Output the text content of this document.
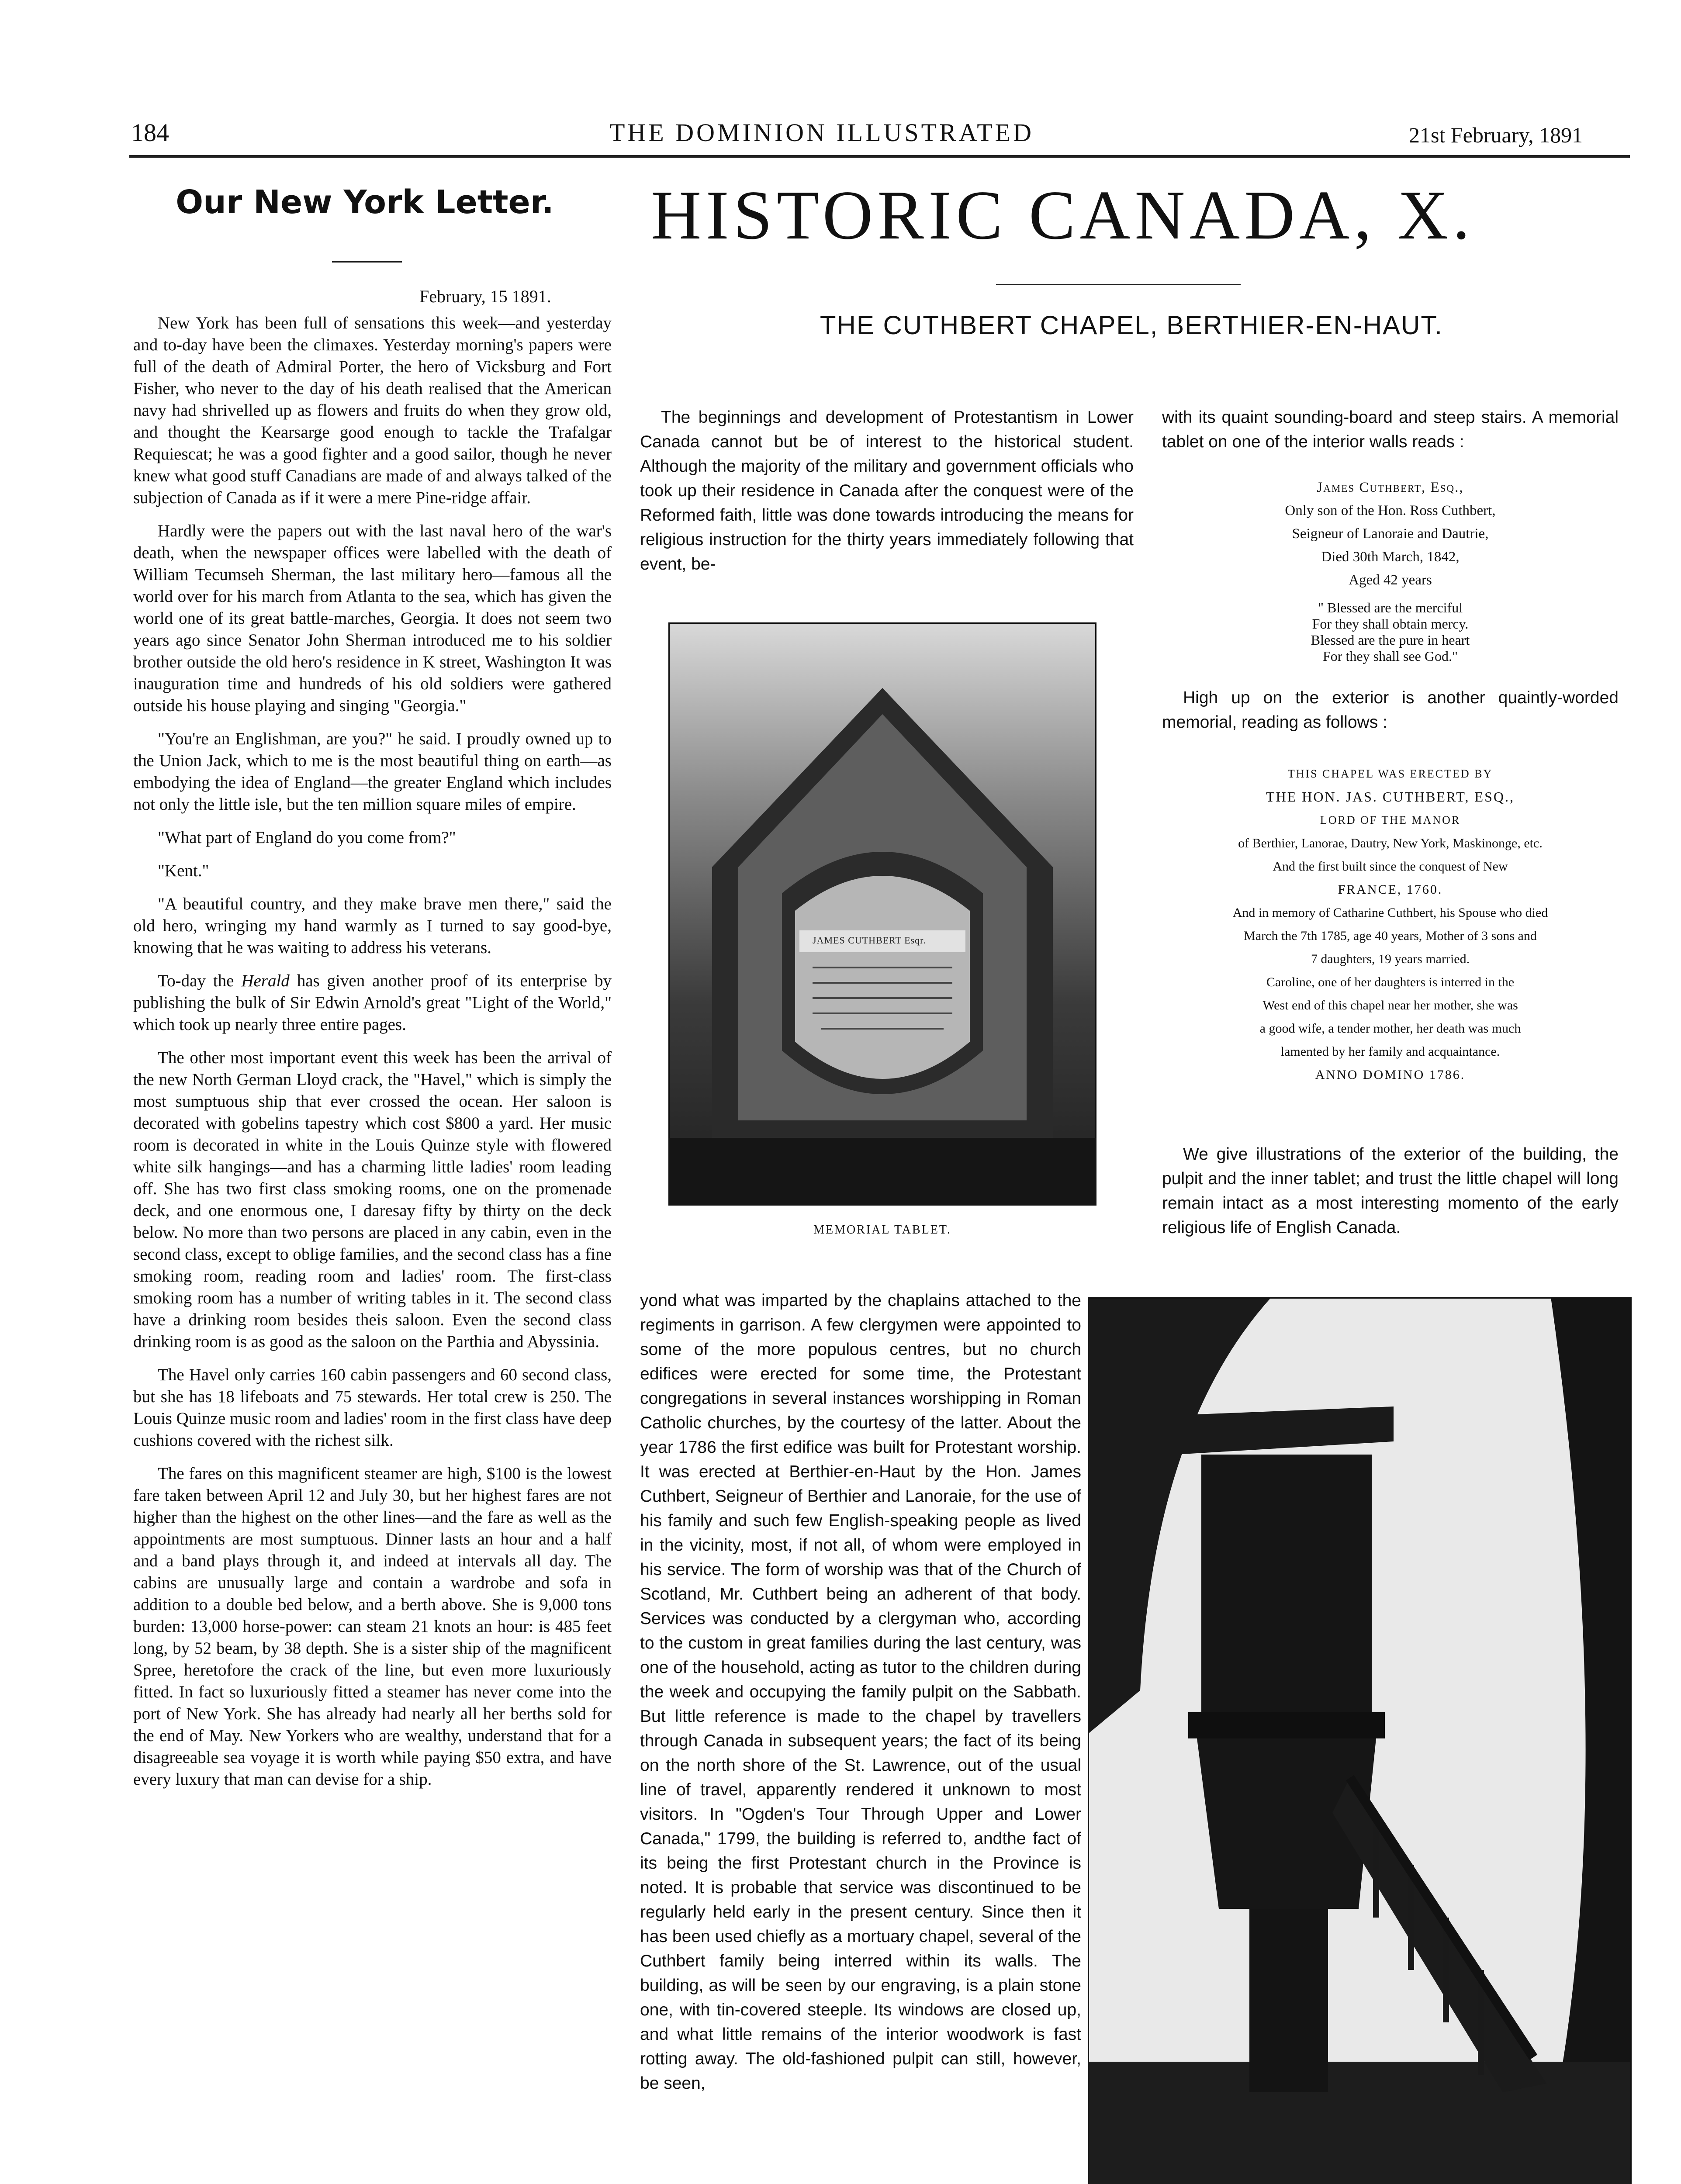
184	THE DOMINION ILLUSTRATED	21st February, 1891
Our New York Letter.
February, 15 1891.

New York has been full of sensations this week—and yesterday and to-day have been the climaxes. Yesterday morning's papers were full of the death of Admiral Porter, the hero of Vicksburg and Fort Fisher, who never to the day of his death realised that the American navy had shrivelled up as flowers and fruits do when they grow old, and thought the Kearsarge good enough to tackle the Trafalgar Requiescat; he was a good fighter and a good sailor, though he never knew what good stuff Canadians are made of and always talked of the subjection of Canada as if it were a mere Pine-ridge affair.

Hardly were the papers out with the last naval hero of the war's death, when the newspaper offices were labelled with the death of William Tecumseh Sherman, the last military hero—famous all the world over for his march from Atlanta to the sea, which has given the world one of its great battle-marches, Georgia. It does not seem two years ago since Senator John Sherman introduced me to his soldier brother outside the old hero's residence in K street, Washington It was inauguration time and hundreds of his old soldiers were gathered outside his house playing and singing "Georgia."

"You're an Englishman, are you?" he said. I proudly owned up to the Union Jack, which to me is the most beautiful thing on earth—as embodying the idea of England—the greater England which includes not only the little isle, but the ten million square miles of empire.

"What part of England do you come from?"

"Kent."

"A beautiful country, and they make brave men there," said the old hero, wringing my hand warmly as I turned to say good-bye, knowing that he was waiting to address his veterans.

To-day the Herald has given another proof of its enterprise by publishing the bulk of Sir Edwin Arnold's great "Light of the World," which took up nearly three entire pages.

The other most important event this week has been the arrival of the new North German Lloyd crack, the "Havel," which is simply the most sumptuous ship that ever crossed the ocean. Her saloon is decorated with gobelins tapestry which cost $800 a yard. Her music room is decorated in white in the Louis Quinze style with flowered white silk hangings—and has a charming little ladies' room leading off. She has two first class smoking rooms, one on the promenade deck, and one enormous one, I daresay fifty by thirty on the deck below. No more than two persons are placed in any cabin, even in the second class, except to oblige families, and the second class has a fine smoking room, reading room and ladies' room. The first-class smoking room has a number of writing tables in it. The second class have a drinking room besides theis saloon. Even the second class drinking room is as good as the saloon on the Parthia and Abyssinia.

The Havel only carries 160 cabin passengers and 60 second class, but she has 18 lifeboats and 75 stewards. Her total crew is 250. The Louis Quinze music room and ladies' room in the first class have deep cushions covered with the richest silk.

The fares on this magnificent steamer are high, $100 is the lowest fare taken between April 12 and July 30, but her highest fares are not higher than the highest on the other lines—and the fare as well as the appointments are most sumptuous. Dinner lasts an hour and a half and a band plays through it, and indeed at intervals all day. The cabins are unusually large and contain a wardrobe and sofa in addition to a double bed below, and a berth above. She is 9,000 tons burden: 13,000 horse-power: can steam 21 knots an hour: is 485 feet long, by 52 beam, by 38 depth. She is a sister ship of the magnificent Spree, heretofore the crack of the line, but even more luxuriously fitted. In fact so luxuriously fitted a steamer has never come into the port of New York. She has already had nearly all her berths sold for the end of May. New Yorkers who are wealthy, understand that for a disagreeable sea voyage it is worth while paying $50 extra, and have every luxury that man can devise for a ship.

HISTORIC CANADA, X.
THE CUTHBERT CHAPEL, BERTHIER-EN-HAUT.

The beginnings and development of Protestantism in Lower Canada cannot but be of interest to the historical student. Although the majority of the military and government officials who took up their residence in Canada after the conquest were of the Reformed faith, little was done towards introducing the means for religious instruction for the thirty years immediately following that event, be-

JAMES CUTHBERT Esqr.
MEMORIAL TABLET.

yond what was imparted by the chaplains attached to the regiments in garrison. A few clergymen were appointed to some of the more populous centres, but no church edifices were erected for some time, the Protestant congregations in several instances worshipping in Roman Catholic churches, by the courtesy of the latter. About the year 1786 the first edifice was built for Protestant worship. It was erected at Berthier-en-Haut by the Hon. James Cuthbert, Seigneur of Berthier and Lanoraie, for the use of his family and such few English-speaking people as lived in the vicinity, most, if not all, of whom were employed in his service. The form of worship was that of the Church of Scotland, Mr. Cuthbert being an adherent of that body. Services was conducted by a clergyman who, according to the custom in great families during the last century, was one of the household, acting as tutor to the children during the week and occupying the family pulpit on the Sabbath. But little reference is made to the chapel by travellers through Canada in subsequent years; the fact of its being on the north shore of the St. Lawrence, out of the usual line of travel, apparently rendered it unknown to most visitors. In "Ogden's Tour Through Upper and Lower Canada," 1799, the building is referred to, andthe fact of its being the first Protestant church in the Province is noted. It is probable that service was discontinued to be regularly held early in the present century. Since then it has been used chiefly as a mortuary chapel, several of the Cuthbert family being interred within its walls. The building, as will be seen by our engraving, is a plain stone one, with tin-covered steeple. Its windows are closed up, and what little remains of the interior woodwork is fast rotting away. The old-fashioned pulpit can still, however, be seen,

with its quaint sounding-board and steep stairs. A memorial tablet on one of the interior walls reads :

James Cuthbert, Esq.,

Only son of the Hon. Ross Cuthbert,

Seigneur of Lanoraie and Dautrie,

Died 30th March, 1842,

Aged 42 years

" Blessed are the merciful

For they shall obtain mercy.

Blessed are the pure in heart

For they shall see God."

High up on the exterior is another quaintly-worded memorial, reading as follows :

THIS CHAPEL WAS ERECTED BY

THE HON. JAS. CUTHBERT, ESQ.,

LORD OF THE MANOR

of Berthier, Lanorae, Dautry, New York, Maskinonge, etc.

And the first built since the conquest of New

FRANCE, 1760.

And in memory of Catharine Cuthbert, his Spouse who died

March the 7th 1785, age 40 years, Mother of 3 sons and

7 daughters, 19 years married.

Caroline, one of her daughters is interred in the

West end of this chapel near her mother, she was

a good wife, a tender mother, her death was much

lamented by her family and acquaintance.

ANNO DOMINO 1786.

We give illustrations of the exterior of the building, the pulpit and the inner tablet; and trust the little chapel will long remain intact as a most interesting momento of the early religious life of English Canada.
